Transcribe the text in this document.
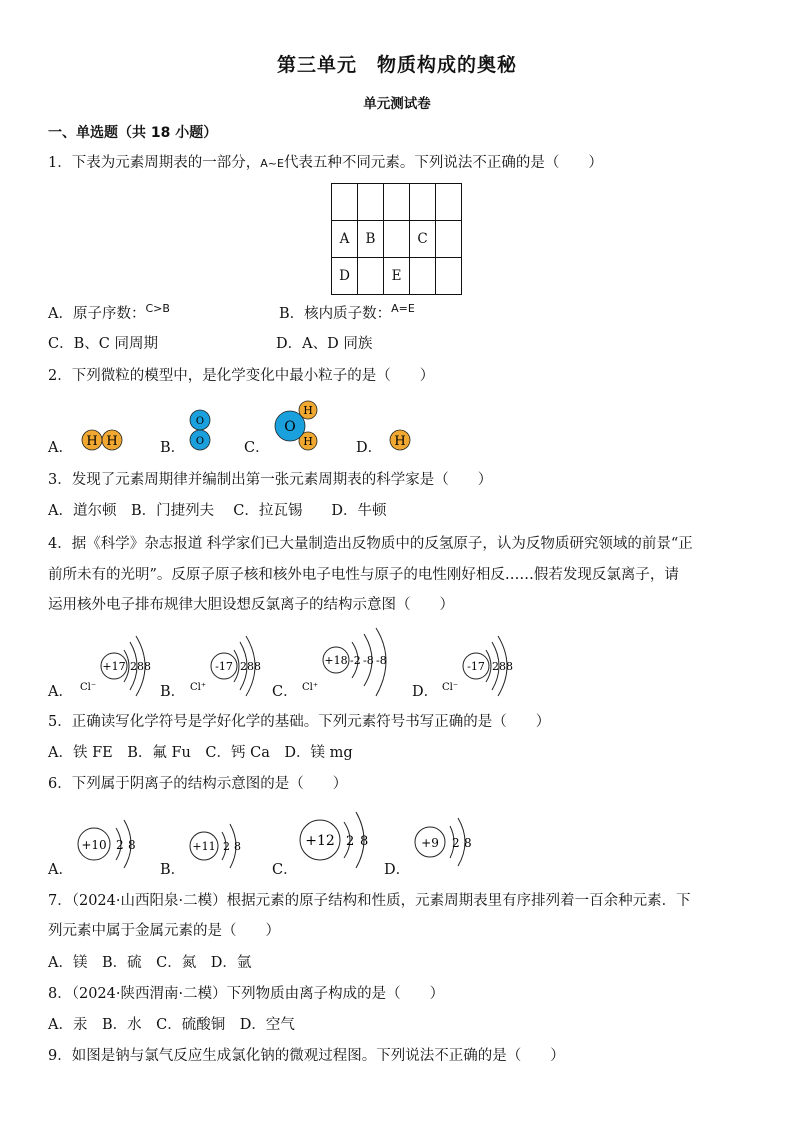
第三单元　物质构成的奥秘
单元测试卷
一、单选题（共 18 小题）
1．下表为元素周期表的一部分，A~E代表五种不同元素。下列说法不正确的是（　　）

A	B		C	
D		E		
A．原子序数：$^{C>B}$	B．核内质子数：$^{A=E}$
C．B、C 同周期	D．A、D 同族
2．下列微粒的模型中，是化学变化中最小粒子的是（　　）
A．	B．	C．	D．
H H
O
O
O
H
H	H
3．发现了元素周期律并编制出第一张元素周期表的科学家是（　　）
A．道尔顿　B．门捷列夫　 C．拉瓦锡　　D．牛顿
4．据《科学》杂志报道 科学家们已大量制造出反物质中的反氢原子，认为反物质研究领域的前景“正
前所未有的光明”。反原子原子核和核外电子电性与原子的电性刚好相反……假若发现反氯离子，请
运用核外电子排布规律大胆设想反氯离子的结构示意图（　　）
A．	B．	C．	D．
+17 2 8 8
Cl⁻
-17 2 8 8
Cl⁺
+18 -2 -8 -8
Cl⁺
-17 2 8 8
Cl⁻
5．正确读写化学符号是学好化学的基础。下列元素符号书写正确的是（　　）
A．铁 FE　B．氟 Fu　C．钙 Ca　D．镁 mg
6．下列属于阴离子的结构示意图的是（　　）
A．	B．	C．	D．
+10 2 8	+11 2 8	+12 2 8	+9 2 8
7．（2024·山西阳泉·二模）根据元素的原子结构和性质，元素周期表里有序排列着一百余种元素．下
列元素中属于金属元素的是（　　）
A．镁　B．硫　C．氮　D．氩
8．（2024·陕西渭南·二模）下列物质由离子构成的是（　　）
A．汞　B．水　C．硫酸铜　D．空气
9．如图是钠与氯气反应生成氯化钠的微观过程图。下列说法不正确的是（　　）
